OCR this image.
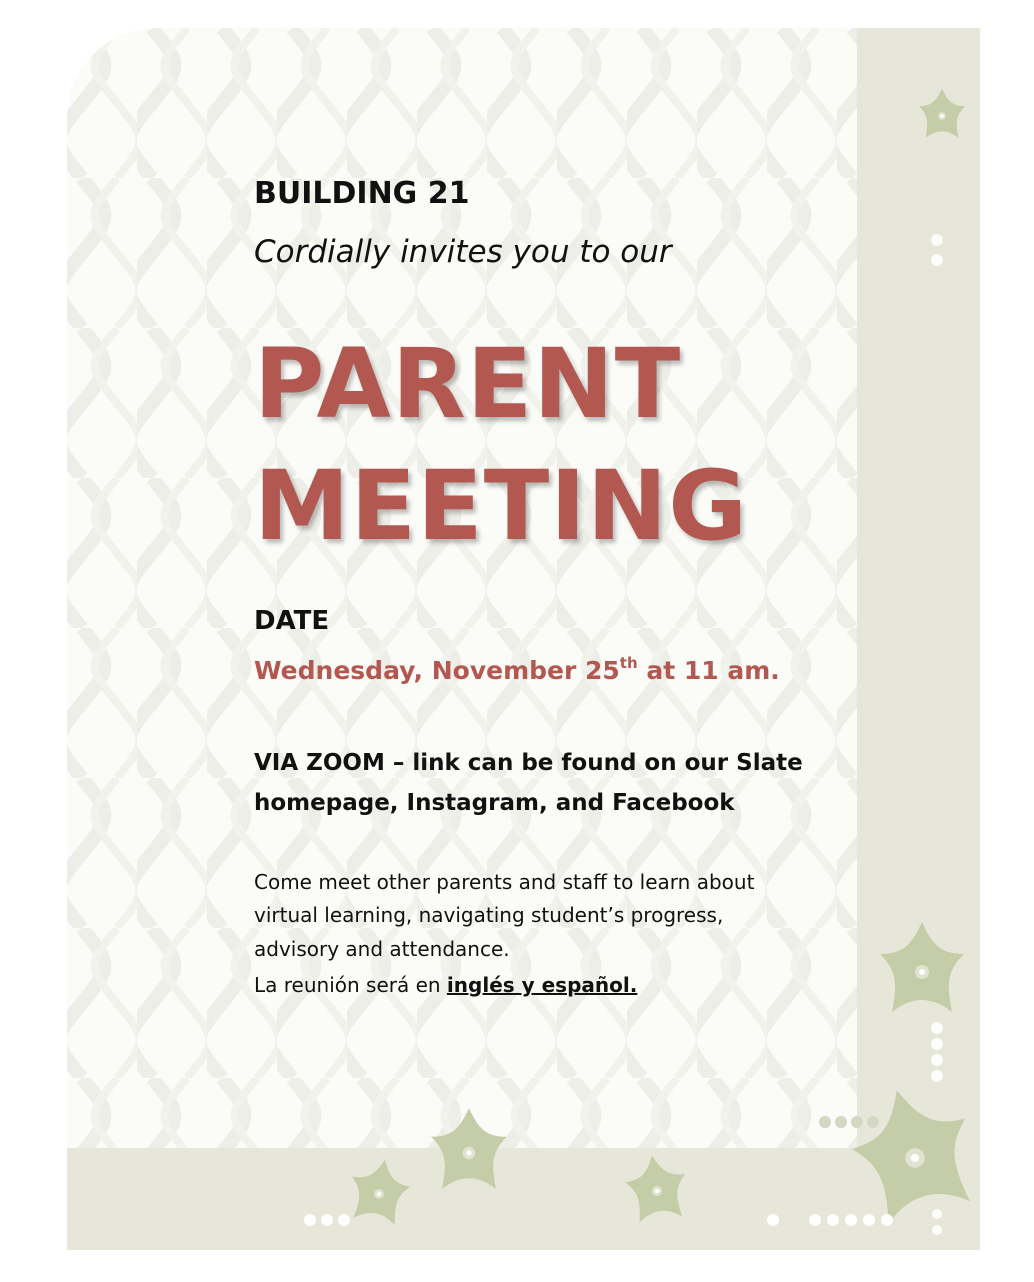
BUILDING 21
Cordially invites you to our
PARENT
MEETING
DATE
Wednesday, November 25th at 11 am.
VIA ZOOM – link can be found on our Slate
homepage, Instagram, and Facebook
Come meet other parents and staff to learn about
virtual learning, navigating student’s progress,
advisory and attendance.
La reunión será en inglés y español.
